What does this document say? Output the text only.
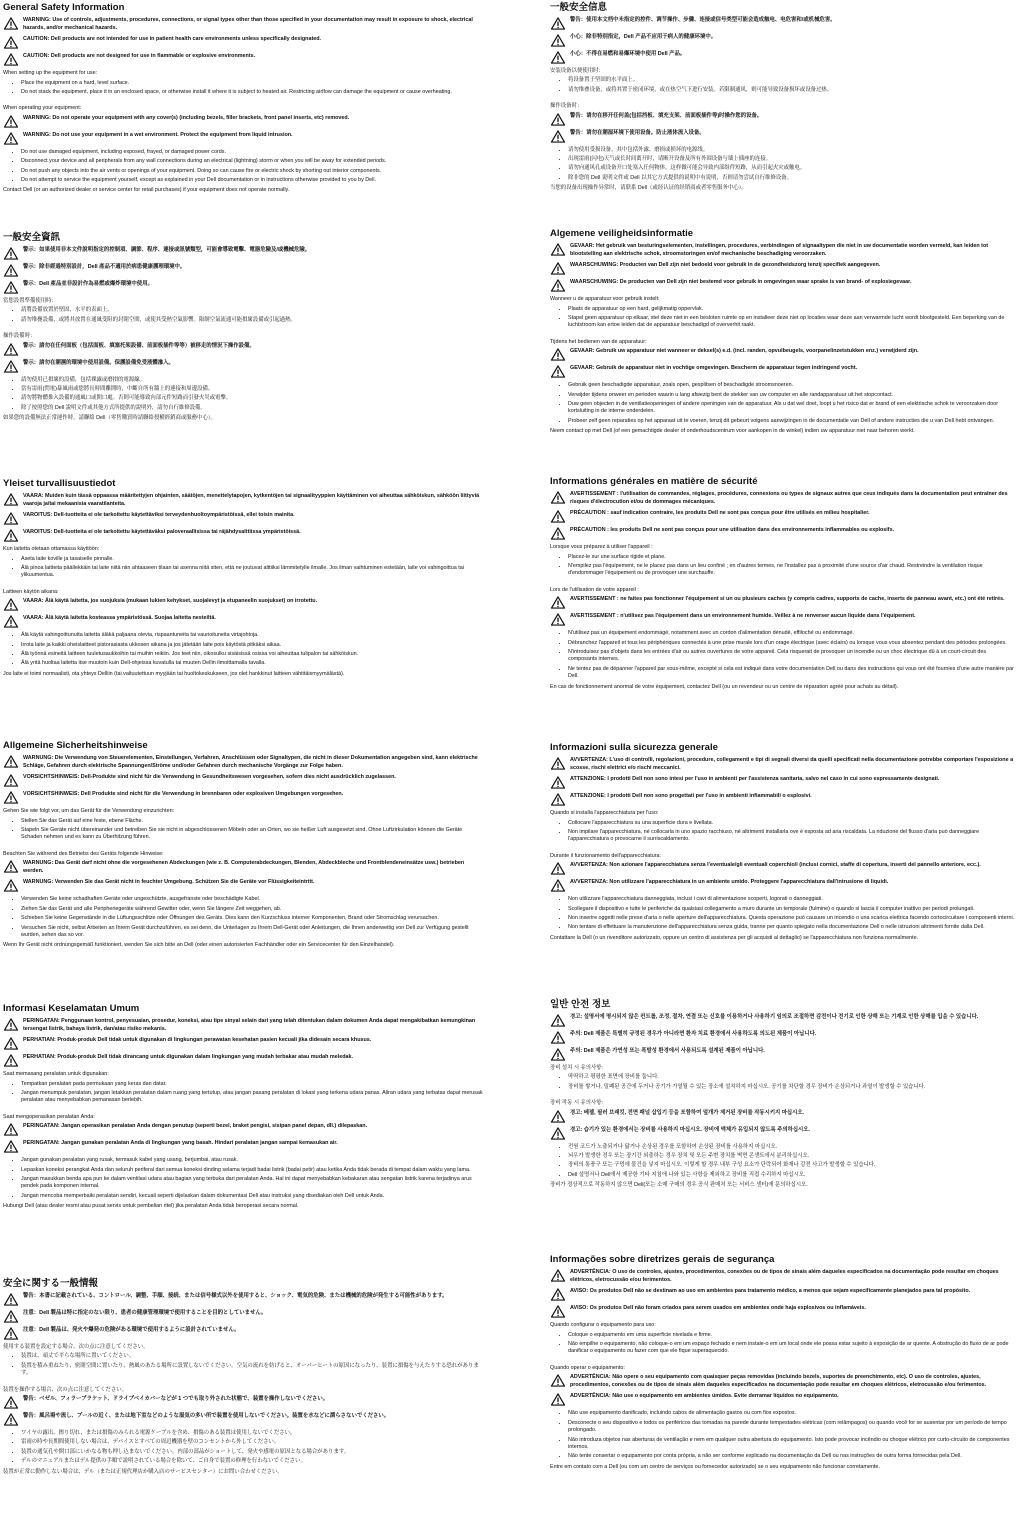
General Safety Information
WARNING: Use of controls, adjustments, procedures, connections, or signal types other than those specified in your documentation may result in exposure to shock, electrical hazards, and/or mechanical hazards.
CAUTION: Dell products are not intended for use in patient health care environments unless specifically designated.
CAUTION: Dell products are not designed for use in flammable or explosive environments.
When setting up the equipment for use:
• Place the equipment on a hard, level surface.
• Do not stack the equipment, place it in an enclosed space, or otherwise install it where it is subject to heated air. Restricting airflow can damage the equipment or cause overheating.
When operating your equipment:
WARNING: Do not operate your equipment with any cover(s) (including bezels, filler brackets, front panel inserts, etc) removed.
WARNING: Do not use your equipment in a wet environment. Protect the equipment from liquid intrusion.
• Do not use damaged equipment, including exposed, frayed, or damaged power cords.
• Disconnect your device and all peripherals from any wall connections during an electrical (lightning) storm or when you will be away for extended periods.
• Do not push any objects into the air vents or openings of your equipment. Doing so can cause fire or electric shock by shorting out interior components.
• Do not attempt to service the equipment yourself, except as explained in your Dell documentation or in instructions otherwise provided to you by Dell.
Contact Dell (or an authorized dealer or service center for retail purchases) if your equipment does not operate normally.
一般安全資訊
警示：如果使用非本文件說明指定的控制項、調節、程序、連接或訊號類型，可能會導致電擊、電器危險及/或機械危險。
警示：除非經過特別設計，Dell 產品不適用於病患健康護理環境中。
警示：Dell 產品並非設計作為易燃或爆炸環境中使用。
當您設置準備使用時：
• 請將設備放置於堅固、水平的表面上。
• 請勿堆疊設備，或將其放置在通風受阻的封閉空間，或使其受熱空氣影響。限制空氣流通可能損壞設備或引起過熱。
操作設備時：
警示：請勿在任何面板（包括面板、填塞托架設備、前面板插件等等）被移走的情況下操作設備。
警示：請勿在潮濕的環境中使用設備。保護設備免受液體滲入。
• 請勿使用已損壞的設備，包括裸露或磨損的電源線。
• 當有雷雨(閃電)暴風雨或您將長時間離開時，中斷自所有牆上的連接和周邊設備。
• 請勿將物體推入設備的通風口或開口處。否則可能導致內部元件短路而引發火災或電擊。
• 除了按照您的 Dell 說明文件或其他方式所提供的說明外，請勿自行維修設備。
如果您的設備無法正常運作時，請聯絡 Dell（零售購買時請聯絡授權經銷商或服務中心）。
Yleiset turvallisuustiedot
VAARA: Muiden kuin tässä oppaassa määritettyjen ohjainten, säätöjen, menettelytapojen, kytkentöjen tai signaalityyppien käyttäminen voi aiheuttaa sähköiskun, sähköön liittyviä vaaroja ja/tai mekaanisia vaaratilanteita.
VAROITUS: Dell-tuotteita ei ole tarkoitettu käytettäviksi terveydenhuoltoympäristöissä, ellei toisin mainita.
VAROITUS: Dell-tuotteita ei ole tarkoitettu käytettäväksi paloveraallisissa tai räjähdysalttiissa ympäristöissä.
Kun laitetta otetaan ottamassa käyttöön:
• Aseta laite koville ja tasaiselle pinnalle.
• Älä pinoa laitteita päällekkäin tai laite niitä niin ahtaaseen tilaan tai asenna niitä siten, että ne joutuvat alttiiksi lämmitetylle ilmalle. Jos ilman vaihtuminen estetään, laite voi vahingoittua tai ylikuumentua.
Laitteen käytön aikana:
VAARA: Älä käytä laitetta, jos suojuksia (mukaan lukien kehykset, suojalevyt ja etupaneelin suojukset) on irrotettu.
VAARA: Älä käytä laitetta kosteassa ympäristössä. Suojaa laitetta nesteiltä.
• Älä käytä vahingoittunutta laitetta äläkä paljaana olevia, rispaantuneita tai vaurioituneita virtajohtoja.
• Irrota laite ja kaikki oheislaitteet pistorasiasta ukkosen aikana ja jos jätetään laite pois käytöstä pitkäksi aikaa.
• Älä työnnä esineitä laitteen tuuletusaukkoihin tai muihin reikiin. Jos teet niin, oikosulku sisäisissä osissa voi aiheuttaa tulipalon tai sähköiskun.
• Älä yritä huoltaa laitetta itse muutoin kuin Dell-ohjeissa kuvatulla tai muuten Dellin ilmoittamalla tavalla.
Jos laite ei toimi normaalisti, ota yhteys Delliin (tai valtuutettuun myyjään tai huoltokeskukseen, jos olet hankkinut laitteen vähittäismyymälästä).
Allgemeine Sicherheitshinweise
WARNUNG: Die Verwendung von Steuerelementen, Einstellungen, Verfahren, Anschlüssen oder Signaltypen, die nicht in dieser Dokumentation angegeben sind, kann elektrische Schläge, Gefahren durch elektrische Spannungen/Ströme und/oder Gefahren durch mechanische Vorgänge zur Folge haben.
VORSICHTSHINWEIS: Dell-Produkte sind nicht für die Verwendung in Gesundheitswesen vorgesehen, sofern dies nicht ausdrücklich zugelassen.
VORSICHTSHINWEIS: Dell Produkte sind nicht für die Verwendung in brennbaren oder explosiven Umgebungen vorgesehen.
Gehen Sie wie folgt vor, um das Gerät für die Verwendung einzurichten:
• Stellen Sie das Gerät auf eine feste, ebene Fläche.
• Stapeln Sie Geräte nicht übereinander und betreiben Sie sie nicht in abgeschlossenen Möbeln oder an Orten, wo sie heißer Luft ausgesetzt sind. Ohne Luftzirkulation können die Geräte Schaden nehmen und es kann zu Überhitzung führen.
Beachten Sie während des Betriebs des Geräts folgende Hinweise:
WARNUNG: Das Gerät darf nicht ohne die vorgesehenen Abdeckungen (wie z. B. Computerabdeckungen, Blenden, Abdeckbleche und Frontblendeneinsätze usw.) betrieben werden.
WARNUNG: Verwenden Sie das Gerät nicht in feuchter Umgebung. Schützen Sie die Geräte vor Flüssigkeiteintritt.
• Verwenden Sie keine schadhaften Geräte oder ungeschützte, ausgefranste oder beschädigte Kabel.
• Ziehen Sie das Gerät und alle Peripheriegeräte während Gewitter oder, wenn Sie längere Zeit weggehen, ab.
• Schieben Sie keine Gegenstände in die Lüftungsschlitze oder Öffnungen des Geräts. Dies kann den Kurzschluss interner Komponenten, Brand oder Stromschlag verursachen.
• Versuchen Sie nicht, selbst Arbeiten an Ihrem Gerät durchzuführen, es sei denn, die Unterlagen zu Ihrem Dell-Gerät oder Anleitungen, die Ihnen anderweitig von Dell zur Verfügung gestellt wurden, sehen das so vor.
Wenn Ihr Gerät nicht ordnungsgemäß funktioniert, wenden Sie sich bitte an Dell (oder einen autorisierten Fachhändler oder ein Servicecenter für den Einzelhandel).
Informasi Keselamatan Umum
PERINGATAN: Penggunaan kontrol, penyesuaian, prosedur, koneksi, atau tipe sinyal selain dari yang telah ditentukan dalam dokumen Anda dapat mengakibatkan kemungkinan tersengat listrik, bahaya listrik, dan/atau risiko mekanis.
PERHATIAN: Produk-produk Dell tidak untuk digunakan di lingkungan perawatan kesehatan pasien kecuali jika didesain secara khusus.
PERHATIAN: Produk-produk Dell tidak dirancang untuk digunakan dalam lingkungan yang mudah terbakar atau mudah meledak.
Saat memasang peralatan untuk digunakan:
• Tempatkan peralatan pada permukaan yang keras dan datar.
• Jangan menumpuk peralatan, jangan letakkan peralatan dalam ruang yang tertutup, atau jangan pasang peralatan di lokasi yang terkena udara panas. Aliran udara yang terbatas dapat merusak peralatan atau menyebabkan pemanasan berlebih.
Saat mengoperasikan peralatan Anda:
PERINGATAN: Jangan operasikan peralatan Anda dengan penutup (seperti bezel, braket pengisi, sisipan panel depan, dll.) dilepaskan.
PERINGATAN: Jangan gunakan peralatan Anda di lingkungan yang basah. Hindari peralatan jangan sampai kemasukan air.
• Jangan gunakan peralatan yang rusak, termasuk kabel yang usang, berjumbai, atau rusak.
• Lepaskan koneksi perangkat Anda dan seluruh periferal dari semua koneksi dinding selama terjadi badai listrik (badai petir) atau ketika Anda tidak berada di tempat dalam waktu yang lama.
• Jangan masukkan benda apa pun ke dalam ventilasi udara atau bagian yang terbuka dari peralatan Anda. Hal ini dapat menyebabkan kebakaran atau sengatan listrik karena terjadinya arus pendek pada komponen internal.
• Jangan mencoba memperbaiki peralatan sendiri, kecuali seperti dijelaskan dalam dokumentasi Dell atau instruksi yang disediakan oleh Dell untuk Anda.
Hubungi Dell (atau dealer resmi atau pusat servis untuk pembelian ritel) jika peralatan Anda tidak beroperasi secara normal.
安全に関する一般情報
警告：本書に記載されている、コントロール、調整、手順、接続、または信号様式以外を使用すると、ショック、電気的危険、または機械的危険が発生する可能性があります。
注意：Dell 製品は特に指定のない限り、患者の健康管理環境で使用することを目的としていません。
注意：Dell 製品は、発火や爆発の危険がある環境で使用するように設計されていません。
使用する装置を設定する場合、次の点に注意してください。
• 装置は、頑丈で平らな場所に置いてください。
• 装置を積み重ねたり、密閉空間に置いたり、熱風のあたる場所に設置しないでください。空気の流れを妨げると、オーバーヒートの原因になったり、装置に損傷を与えたりする恐れがあります。
装置を操作する場合、次の点に注意してください。
警告：ベゼル、フィラーブラケット、ドライブベイカバーなどが 1 つでも取り外された状態で、装置を操作しないでください。
警告：風呂場や流し、プールの近く、または地下室などのような湿気の多い所で装置を使用しないでください。装置を水などに濡らさないでください。
• ワイヤの露出、擦り切れ、または損傷のみられる電源ケーブルを含め、損傷のある装置は使用しないでください。
• 雷雨の時や長期間使用しない場合は、デバイスとすべての周辺機器を壁のコンセントから外してください。
• 装置の通気孔や開口部にいかなる物も押し込まないでください。内部の部品がショートして、発火や感電の原因となる場合があります。
• デルのマニュアルまたはデル提供の手順で説明されている場合を除いて、ご自身で装置の修理を行わないでください。
装置が正常に動作しない場合は、デル（または正規代理店か購入店のサービスセンター）にお問い合わせください。
一般安全信息
警告：使用本文档中未指定的控件、调节操作、步骤、连接或信号类型可能会造成触电、电危害和/或机械危害。
小心：除非特别指定，Dell 产品不应用于病人的健康环境中。
小心：不得在易燃和易爆环境中使用 Dell 产品。
安装设备以便使用时：
• 将设备置于坚固的水平面上。
• 请勿堆叠设备，或将其置于密闭环境，或在热空气下进行安装。若限制通风，则可能导致设备损坏或设备过热。
操作设备时：
警告：请勿在移开任何盖(包括挡板、填充支架、前面板插件等)时操作您的设备。
警告：请勿在潮湿环境下使用设备。防止液体流入设备。
• 请勿使用受损设备，其中包括外露、磨损或损坏的电源线。
• 出现雷雨(闪电)天气或长时间离开时，请断开设备及所有外围设备与墙上插座的连接。
• 请勿向通风孔或设备开口处塞入任何物体。这样做可能会导致内部组件短路，从而引起火灾或触电。
• 除非您的 Dell 说明文件或 Dell 以其它方式提供的说明中有说明，否则请勿尝试自行维修设备。
当您的设备出现操作异常时，请联系 Dell（或经认证的经销商或者零售服务中心）。
Algemene veiligheidsinformatie
GEVAAR: Het gebruik van besturingselementen, instellingen, procedures, verbindingen of signaaltypen die niet in uw documentatie worden vermeld, kan leiden tot blootstelling aan elektrische schok, stroomstoringen en/of mechanische beschadiging veroorzaken.
WAARSCHUWING: Producten van Dell zijn niet bedoeld voor gebruik in de gezondheidszorg tenzij specifiek aangegeven.
WAARSCHUWING: De producten van Dell zijn niet bestemd voor gebruik in omgevingen waar sprake is van brand- of explosiegevaar.
Wanneer u de apparatuur voor gebruik instelt:
• Plaats de apparatuur op een hard, gelijkmatig oppervlak.
• Stapel geen apparatuur op elkaar, stel deze niet in een besloten ruimte op en installeer deze niet op locaties waar deze aan verwarmde lucht wordt blootgesteld. Een beperking van de luchtstroom kan ertoe leiden dat de apparatuur beschadigd of oververhit raakt.
Tijdens het bedienen van de apparatuur:
GEVAAR: Gebruik uw apparatuur niet wanneer er deksel(s) e.d. (incl. randen, opvulbeugels, voorpanelinzetstukken enz.) verwijderd zijn.
GEVAAR: Gebruik de apparatuur niet in vochtige omgevingen. Bescherm de apparatuur tegen indringend vocht.
• Gebruik geen beschadigde apparatuur, zoals open, gesplitsen of beschadigde stroomsnoeren.
• Verwijder tijdens onweer en perioden waarin u lang afwezig bent de stekker van uw computer en alle randapparatuur uit het stopcontact.
• Duw geen objecten in de ventilatieopeningen of andere openingen van de apparatuur. Als u dat wel doet, loopt u het risico dat er brand of een elektrische schok te veroorzaken door kortsluiting in de interne onderdelen.
• Probeer zelf geen reparaties op het apparaat uit te voeren, tenzij dit gebeurt volgens aanwijzingen in de documentatie van Dell of andere instructies die u van Dell hebt ontvangen.
Neem contact op met Dell (of een gemachtigde dealer of onderhoudscentrum voor aankopen in de winkel) indien uw apparatuur niet naar behoren werkt.
Informations générales en matière de sécurité
AVERTISSEMENT : l'utilisation de commandes, réglages, procédures, connexions ou types de signaux autres que ceux indiqués dans la documentation peut entraîner des risques d'électrocution et/ou de dommages mécaniques.
PRÉCAUTION : sauf indication contraire, les produits Dell ne sont pas conçus pour être utilisés en milieu hospitalier.
PRÉCAUTION : les produits Dell ne sont pas conçus pour une utilisation dans des environnements inflammables ou explosifs.
Lorsque vous préparez à utiliser l'appareil :
• Placez-le sur une surface rigide et plane.
• N'empilez pas l'équipement, ne le placez pas dans un lieu confiné ; en d'autres termes, ne l'installez pas à proximité d'une source d'air chaud. Restreindre la ventilation risque d'endommager l'équipement ou de provoquer une surchauffe.
Lors de l'utilisation de votre appareil :
AVERTISSEMENT : ne faites pas fonctionner l'équipement si un ou plusieurs caches (y compris cadres, supports de cache, inserts de panneau avant, etc.) ont été retirés.
AVERTISSEMENT : n'utilisez pas l'équipement dans un environnement humide. Veillez à ne renverser aucun liquide dans l'équipement.
• N'utilisez pas un équipement endommagé, notamment avec un cordon d'alimentation dénudé, effiloché ou endommagé.
• Débranchez l'appareil et tous les périphériques connectés à une prise murale lors d'un orage électrique (avec éclairs) ou lorsque vous vous absentez pendant des périodes prolongées.
• N'introduisez pas d'objets dans les entrées d'air ou autres ouvertures de votre appareil. Cela risquerait de provoquer un incendie ou un choc électrique dû à un court-circuit des composants internes.
• Ne tentez pas de dépanner l'appareil par vous-même, excepté si cela est indiqué dans votre documentation Dell ou dans des instructions qui vous ont été fournies d'une autre manière par Dell.
En cas de fonctionnement anormal de votre équipement, contactez Dell (ou un revendeur ou un centre de réparation agréé pour achats au détail).
Informazioni sulla sicurezza generale
AVVERTENZA: L'uso di controlli, regolazioni, procedure, collegamenti e tipi di segnali diversi da quelli specificati nella documentazione potrebbe comportare l'esposizione a scosse, rischi elettrici e/o rischi meccanici.
ATTENZIONE: I prodotti Dell non sono intesi per l'uso in ambienti per l'assistenza sanitaria, salvo nel caso in cui sono espressamente designati.
ATTENZIONE: I prodotti Dell non sono progettati per l'uso in ambienti infiammabili o esplosivi.
Quando si installa l'apparecchiatura per l'uso:
• Collocare l'apparecchiatura su una superficie dura e livellata.
• Non impilare l'apparecchiatura, né collocarla in uno spazio racchiuso, né altrimenti installarla ove è esposta ad aria riscaldata. La riduzione del flusso d'aria può danneggiare l'apparecchiatura o provocarne il surriscaldamento.
Durante il funzionamento dell'apparecchiatura:
AVVERTENZA: Non azionare l'apparecchiatura senza l'eventuale/gli eventuali coperchio/i (inclusi cornici, staffe di copertura, inserti del pannello anteriore, ecc.).
AVVERTENZA: Non utilizzare l'apparecchiatura in un ambiente umido. Proteggere l'apparecchiatura dall'intrusione di liquidi.
• Non utilizzare l'apparecchiatura danneggiata, inclusi i cavi di alimentazione scoperti, logorati o danneggiati.
• Scollegare il dispositivo e tutte le periferiche da qualsiasi collegamento a muro durante un temporale (fulmine) o quando si lascia il computer inattivo per periodi prolungati.
• Non inserire oggetti nelle prese d'aria o nelle aperture dell'apparecchiatura. Questa operazione può causare un incendio o una scarica elettrica facendo cortocircuitare i componenti interni.
• Non tentare di effettuare la manutenzione dell'apparecchiatura senza guida, tranne per quanto spiegato nella documentazione Dell o nelle istruzioni altrimenti fornite dalla Dell.
Contattare la Dell (o un rivenditore autorizzato, oppure un centro di assistenza per gli acquisti al dettaglio) se l'apparecchiatura non funziona normalmente.
일반 안전 정보
경고: 설명서에 명시되지 않은 컨트롤, 조정, 절차, 연결 또는 신호를 이용하거나 사용하기 임의로 조절하면 감전이나 전기로 인한 상해 또는 기계로 인한 상해를 입을 수 있습니다.
주의: Dell 제품은 특별히 규정된 경우가 아니라면 환자 치료 환경에서 사용하도록 의도된 제품이 아닙니다.
주의: Dell 제품은 가연성 또는 폭발성 환경에서 사용되도록 설계된 제품이 아닙니다.
장비 설치 시 유의사항:
• 딱딱하고 평평한 표면에 장비를 둡니다.
• 장비를 쌓거나, 밀폐된 공간에 두거나 공기가 가열될 수 있는 장소에 설치하지 마십시오. 공기를 차단할 경우 장비가 손상되거나 과열이 발생할 수 있습니다.
장비 작동 시 유의사항:
경고: 베젤, 필러 브래킷, 전면 패널 삽입기 등을 포함하여 덮개가 제거된 장비를 작동시키지 마십시오.
경고: 습기가 있는 환경에서는 장비를 사용하지 마십시오. 장비에 액체가 유입되지 않도록 주의하십시오.
• 전원 코드가 노출되거나 닳거나 손상된 경우를 포함하여 손상된 장비를 사용하지 마십시오.
• 뇌우가 발생한 경우 또는 장기간 외출하는 경우 장치 및 모든 주변 장치를 벽면 콘센트에서 분리하십시오.
• 장비의 통풍구 또는 구멍에 물건을 넣지 마십시오. 이렇게 할 경우 내부 구성 요소가 단락되어 화재나 감전 사고가 발생할 수 있습니다.
• Dell 설명서나 Dell에서 제공한 기타 지침에 나와 있는 사항을 제외하고 장비를 직접 수리하지 마십시오.
장비가 정상적으로 작동하지 않으면 Dell(또는 소매 구매의 경우 공식 판매처 또는 서비스 센터)에 문의하십시오.
Informações sobre diretrizes gerais de segurança
ADVERTÊNCIA: O uso de controles, ajustes, procedimentos, conexões ou de tipos de sinais além daqueles especificados na documentação pode resultar em choques elétricos, eletrocussão e/ou ferimentos.
AVISO: Os produtos Dell não se destinam ao uso em ambientes para tratamento médico, a menos que sejam especificamente planejados para tal propósito.
AVISO: Os produtos Dell não foram criados para serem usados em ambientes onde haja explosivos ou inflamáveis.
Quando configurar o equipamento para uso:
• Coloque o equipamento em uma superfície nivelada e firme.
• Não empilhe o equipamento, não coloque-o em um espaço fechado e nem instale-o em um local onde ele possa estar sujeito à exposição de ar quente. A obstrução do fluxo de ar pode danificar o equipamento ou fazer com que ele fique superaquecido.
Quando operar o equipamento:
ADVERTÊNCIA: Não opere o seu equipamento com quaisquer peças removidas (incluindo bezels, suportes de preenchimento, etc). O uso de controles, ajustes, procedimentos, conexões ou de tipos de sinais além daqueles especificados na documentação pode resultar em choques elétricos, eletrocussão e/ou ferimentos.
ADVERTÊNCIA: Não use o equipamento em ambientes úmidos. Evite derramar líquidos no equipamento.
• Não use equipamento danificado, incluindo cabos de alimentação gastos ou com fios expostos.
• Desconecte o seu dispositivo e todos os periféricos das tomadas na parede durante tempestades elétricas (com relâmpagos) ou quando você for se ausentar por um período de tempo prolongado.
• Não introduza objetos nas aberturas de ventilação e nem em qualquer outra abertura do equipamento. Isto pode provocar incêndio ou choque elétrico por curto-circuito de componentes internos.
• Não tente consertar o equipamento por conta própria, a não ser conforme explicado na documentação da Dell ou nas instruções de outra forma fornecidas pela Dell.
Entre em contato com a Dell (ou com um centro de serviços ou fornecedor autorizado) se o seu equipamento não funcionar corretamente.
